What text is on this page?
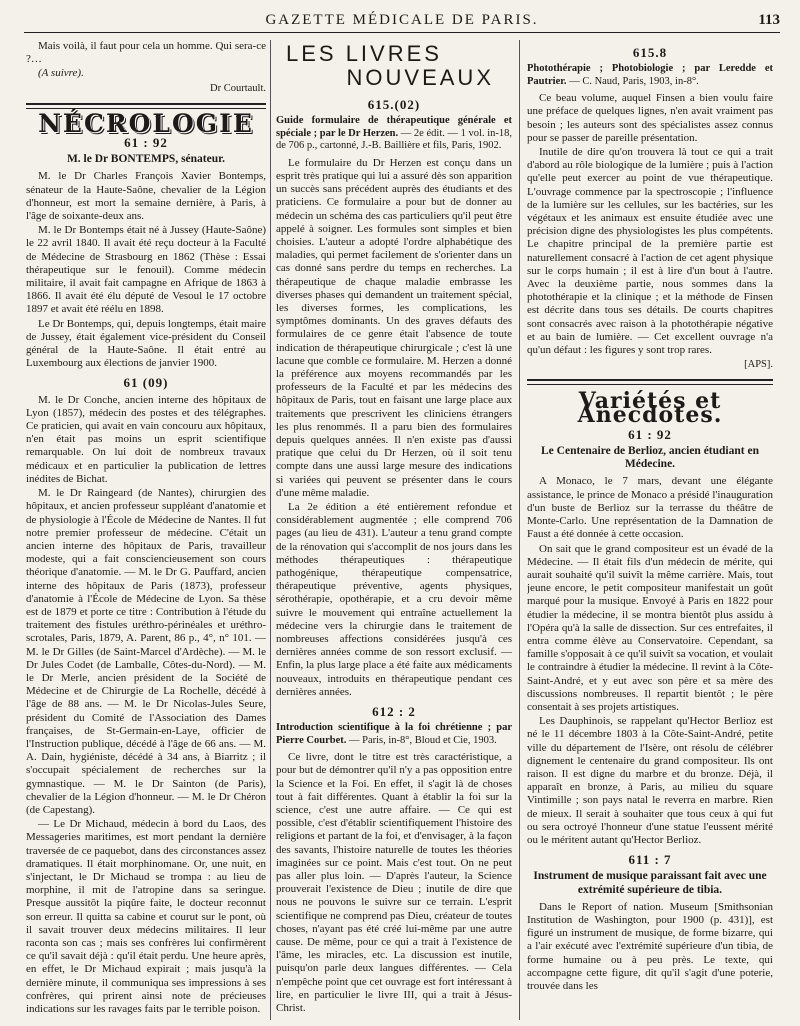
GAZETTE MÉDICALE DE PARIS.	113

Mais voilà, il faut pour cela un homme. Qui sera-ce ?…

(A suivre).

Dr Courtault.

NÉCROLOGIE
61 : 92
M. le Dr BONTEMPS, sénateur.

M. le Dr Charles François Xavier Bontemps, sénateur de la Haute-Saône, chevalier de la Légion d'honneur, est mort la semaine dernière, à Paris, à l'âge de soixante-deux ans.

M. le Dr Bontemps était né à Jussey (Haute-Saône) le 22 avril 1840. Il avait été reçu docteur à la Faculté de Médecine de Strasbourg en 1862 (Thèse : Essai thérapeutique sur le fenouil). Comme médecin militaire, il avait fait campagne en Afrique de 1863 à 1866. Il avait été élu député de Vesoul le 17 octobre 1897 et avait été réélu en 1898.

Le Dr Bontemps, qui, depuis longtemps, était maire de Jussey, était également vice-président du Conseil général de la Haute-Saône. Il était entré au Luxembourg aux élections de janvier 1900.

61 (09)

M. le Dr Conche, ancien interne des hôpitaux de Lyon (1857), médecin des postes et des télégraphes. Ce praticien, qui avait en vain concouru aux hôpitaux, n'en était pas moins un esprit scientifique remarquable. On lui doit de nombreux travaux médicaux et en particulier la publication de lettres inédites de Bichat.

M. le Dr Raingeard (de Nantes), chirurgien des hôpitaux, et ancien professeur suppléant d'anatomie et de physiologie à l'École de Médecine de Nantes. Il fut notre premier professeur de médecine. C'était un ancien interne des hôpitaux de Paris, travailleur modeste, qui a fait consciencieusement son cours théorique d'anatomie. — M. le Dr G. Pauffard, ancien interne des hôpitaux de Paris (1873), professeur d'anatomie à l'École de Médecine de Lyon. Sa thèse est de 1879 et porte ce titre : Contribution à l'étude du traitement des fistules uréthro-périnéales et uréthro-scrotales, Paris, 1879, A. Parent, 86 p., 4°, n° 101. — M. le Dr Gilles (de Saint-Marcel d'Ardèche). — M. le Dr Jules Codet (de Lamballe, Côtes-du-Nord). — M. le Dr Merle, ancien président de la Société de Médecine et de Chirurgie de La Rochelle, décédé à l'âge de 88 ans. — M. le Dr Nicolas-Jules Seure, président du Comité de l'Association des Dames françaises, de St-Germain-en-Laye, officier de l'Instruction publique, décédé à l'âge de 66 ans. — M. A. Dain, hygiéniste, décédé à 34 ans, à Biarritz ; il s'occupait spécialement de recherches sur la gymnastique. — M. le Dr Sainton (de Paris), chevalier de la Légion d'honneur. — M. le Dr Chéron (de Capestang).

— Le Dr Michaud, médecin à bord du Laos, des Messageries maritimes, est mort pendant la dernière traversée de ce paquebot, dans des circonstances assez dramatiques. Il était morphinomane. Or, une nuit, en s'injectant, le Dr Michaud se trompa : au lieu de morphine, il mit de l'atropine dans sa seringue. Presque aussitôt la piqûre faite, le docteur reconnut son erreur. Il quitta sa cabine et courut sur le pont, où il savait trouver deux médecins militaires. Il leur raconta son cas ; mais ses confrères lui confirmèrent ce qu'il savait déjà : qu'il était perdu. Une heure après, en effet, le Dr Michaud expirait ; mais jusqu'à la dernière minute, il communiqua ses impressions à ses confrères, qui prirent ainsi note de précieuses indications sur les ravages faits par le terrible poison.

LES LIVRES
NOUVEAUX
615.(02)

Guide formulaire de thérapeutique générale et spéciale ; par le Dr Herzen. — 2e édit. — 1 vol. in-18, de 706 p., cartonné, J.-B. Baillière et fils, Paris, 1902.

Le formulaire du Dr Herzen est conçu dans un esprit très pratique qui lui a assuré dès son apparition un succès sans précédent auprès des étudiants et des praticiens. Ce formulaire a pour but de donner au médecin un schéma des cas particuliers qu'il peut être appelé à soigner. Les formules sont simples et bien choisies. L'auteur a adopté l'ordre alphabétique des maladies, qui permet facilement de s'orienter dans un cas donné sans perdre du temps en recherches. La thérapeutique de chaque maladie embrasse les diverses phases qui demandent un traitement spécial, les diverses formes, les complications, les symptômes dominants. Un des graves défauts des formulaires de ce genre était l'absence de toute indication de thérapeutique chirurgicale ; c'est là une lacune que comble ce formulaire. M. Herzen a donné la préférence aux moyens recommandés par les professeurs de la Faculté et par les médecins des hôpitaux de Paris, tout en faisant une large place aux traitements que prescrivent les cliniciens étrangers les plus renommés. Il a paru bien des formulaires depuis quelques années. Il n'en existe pas d'aussi pratique que celui du Dr Herzen, où il soit tenu compte dans une aussi large mesure des indications si variées qui peuvent se présenter dans le cours d'une même maladie.

La 2e édition a été entièrement refondue et considérablement augmentée ; elle comprend 706 pages (au lieu de 431). L'auteur a tenu grand compte de la rénovation qui s'accomplit de nos jours dans les méthodes thérapeutiques : thérapeutique pathogénique, thérapeutique compensatrice, thérapeutique préventive, agents physiques, sérothérapie, opothérapie, et a cru devoir même suivre le mouvement qui entraîne actuellement la médecine vers la chirurgie dans le traitement de nombreuses affections considérées jusqu'à ces dernières années comme de son ressort exclusif. — Enfin, la plus large place a été faite aux médicaments nouveaux, introduits en thérapeutique pendant ces dernières années.

612 : 2

Introduction scientifique à la foi chrétienne ; par Pierre Courbet. — Paris, in-8°, Bloud et Cie, 1903.

Ce livre, dont le titre est très caractéristique, a pour but de démontrer qu'il n'y a pas opposition entre la Science et la Foi. En effet, il s'agit là de choses tout à fait différentes. Quant à établir la foi sur la science, c'est une autre affaire. — Ce qui est possible, c'est d'établir scientifiquement l'histoire des religions et partant de la foi, et d'envisager, à la façon des savants, l'histoire naturelle de toutes les théories imaginées sur ce point. Mais c'est tout. On ne peut pas aller plus loin. — D'après l'auteur, la Science prouverait l'existence de Dieu ; inutile de dire que nous ne pouvons le suivre sur ce terrain. L'esprit scientifique ne comprend pas Dieu, créateur de toutes choses, n'ayant pas été créé lui-même par une autre cause. De même, pour ce qui a trait à l'existence de l'âme, les miracles, etc. La discussion est inutile, puisqu'on parle deux langues différentes. — Cela n'empêche point que cet ouvrage est fort intéressant à lire, en particulier le livre III, qui a trait à Jésus-Christ.

615.8

Photothérapie ; Photobiologie ; par Leredde et Pautrier. — C. Naud, Paris, 1903, in-8°.

Ce beau volume, auquel Finsen a bien voulu faire une préface de quelques lignes, n'en avait vraiment pas besoin ; les auteurs sont des spécialistes assez connus pour se passer de pareille présentation.

Inutile de dire qu'on trouvera là tout ce qui a trait d'abord au rôle biologique de la lumière ; puis à l'action qu'elle peut exercer au point de vue thérapeutique. L'ouvrage commence par la spectroscopie ; l'influence de la lumière sur les cellules, sur les bactéries, sur les végétaux et les animaux est ensuite étudiée avec une précision digne des physiologistes les plus compétents. Le chapitre principal de la première partie est naturellement consacré à l'action de cet agent physique sur le corps humain ; il est à lire d'un bout à l'autre. Avec la deuxième partie, nous sommes dans la photothérapie et la clinique ; et la méthode de Finsen est décrite dans tous ses détails. De courts chapitres sont consacrés avec raison à la photothérapie négative et au bain de lumière. — Cet excellent ouvrage n'a qu'un défaut : les figures y sont trop rares.

[APS].

Variétés et Anecdotes.
61 : 92
Le Centenaire de Berlioz, ancien étudiant en Médecine.

A Monaco, le 7 mars, devant une élégante assistance, le prince de Monaco a présidé l'inauguration d'un buste de Berlioz sur la terrasse du théâtre de Monte-Carlo. Une représentation de la Damnation de Faust a été donnée à cette occasion.

On sait que le grand compositeur est un évadé de la Médecine. — Il était fils d'un médecin de mérite, qui aurait souhaité qu'il suivît la même carrière. Mais, tout jeune encore, le petit compositeur manifestait un goût marqué pour la musique. Envoyé à Paris en 1822 pour étudier la médecine, il se montra bientôt plus assidu à l'Opéra qu'à la salle de dissection. Sur ces entrefaites, il entra comme élève au Conservatoire. Cependant, sa famille s'opposait à ce qu'il suivît sa vocation, et voulait le contraindre à étudier la médecine. Il revint à la Côte-Saint-André, et y eut avec son père et sa mère des discussions nombreuses. Il repartit bientôt ; le père consentait à ses projets artistiques.

Les Dauphinois, se rappelant qu'Hector Berlioz est né le 11 décembre 1803 à la Côte-Saint-André, petite ville du département de l'Isère, ont résolu de célébrer dignement le centenaire du grand compositeur. Ils ont raison. Il est digne du marbre et du bronze. Déjà, il apparaît en bronze, à Paris, au milieu du square Vintimille ; son pays natal le reverra en marbre. Rien de mieux. Il serait à souhaiter que tous ceux à qui fut ou sera octroyé l'honneur d'une statue l'eussent mérité ou le méritent autant qu'Hector Berlioz.

611 : 7
Instrument de musique paraissant fait avec une extrémité supérieure de tibia.

Dans le Report of nation. Museum [Smithsonian Institution de Washington, pour 1900 (p. 431)], est figuré un instrument de musique, de forme bizarre, qui a l'air exécuté avec l'extrémité supérieure d'un tibia, de forme humaine ou à peu près. Le texte, qui accompagne cette figure, dit qu'il s'agit d'une poterie, trouvée dans les
